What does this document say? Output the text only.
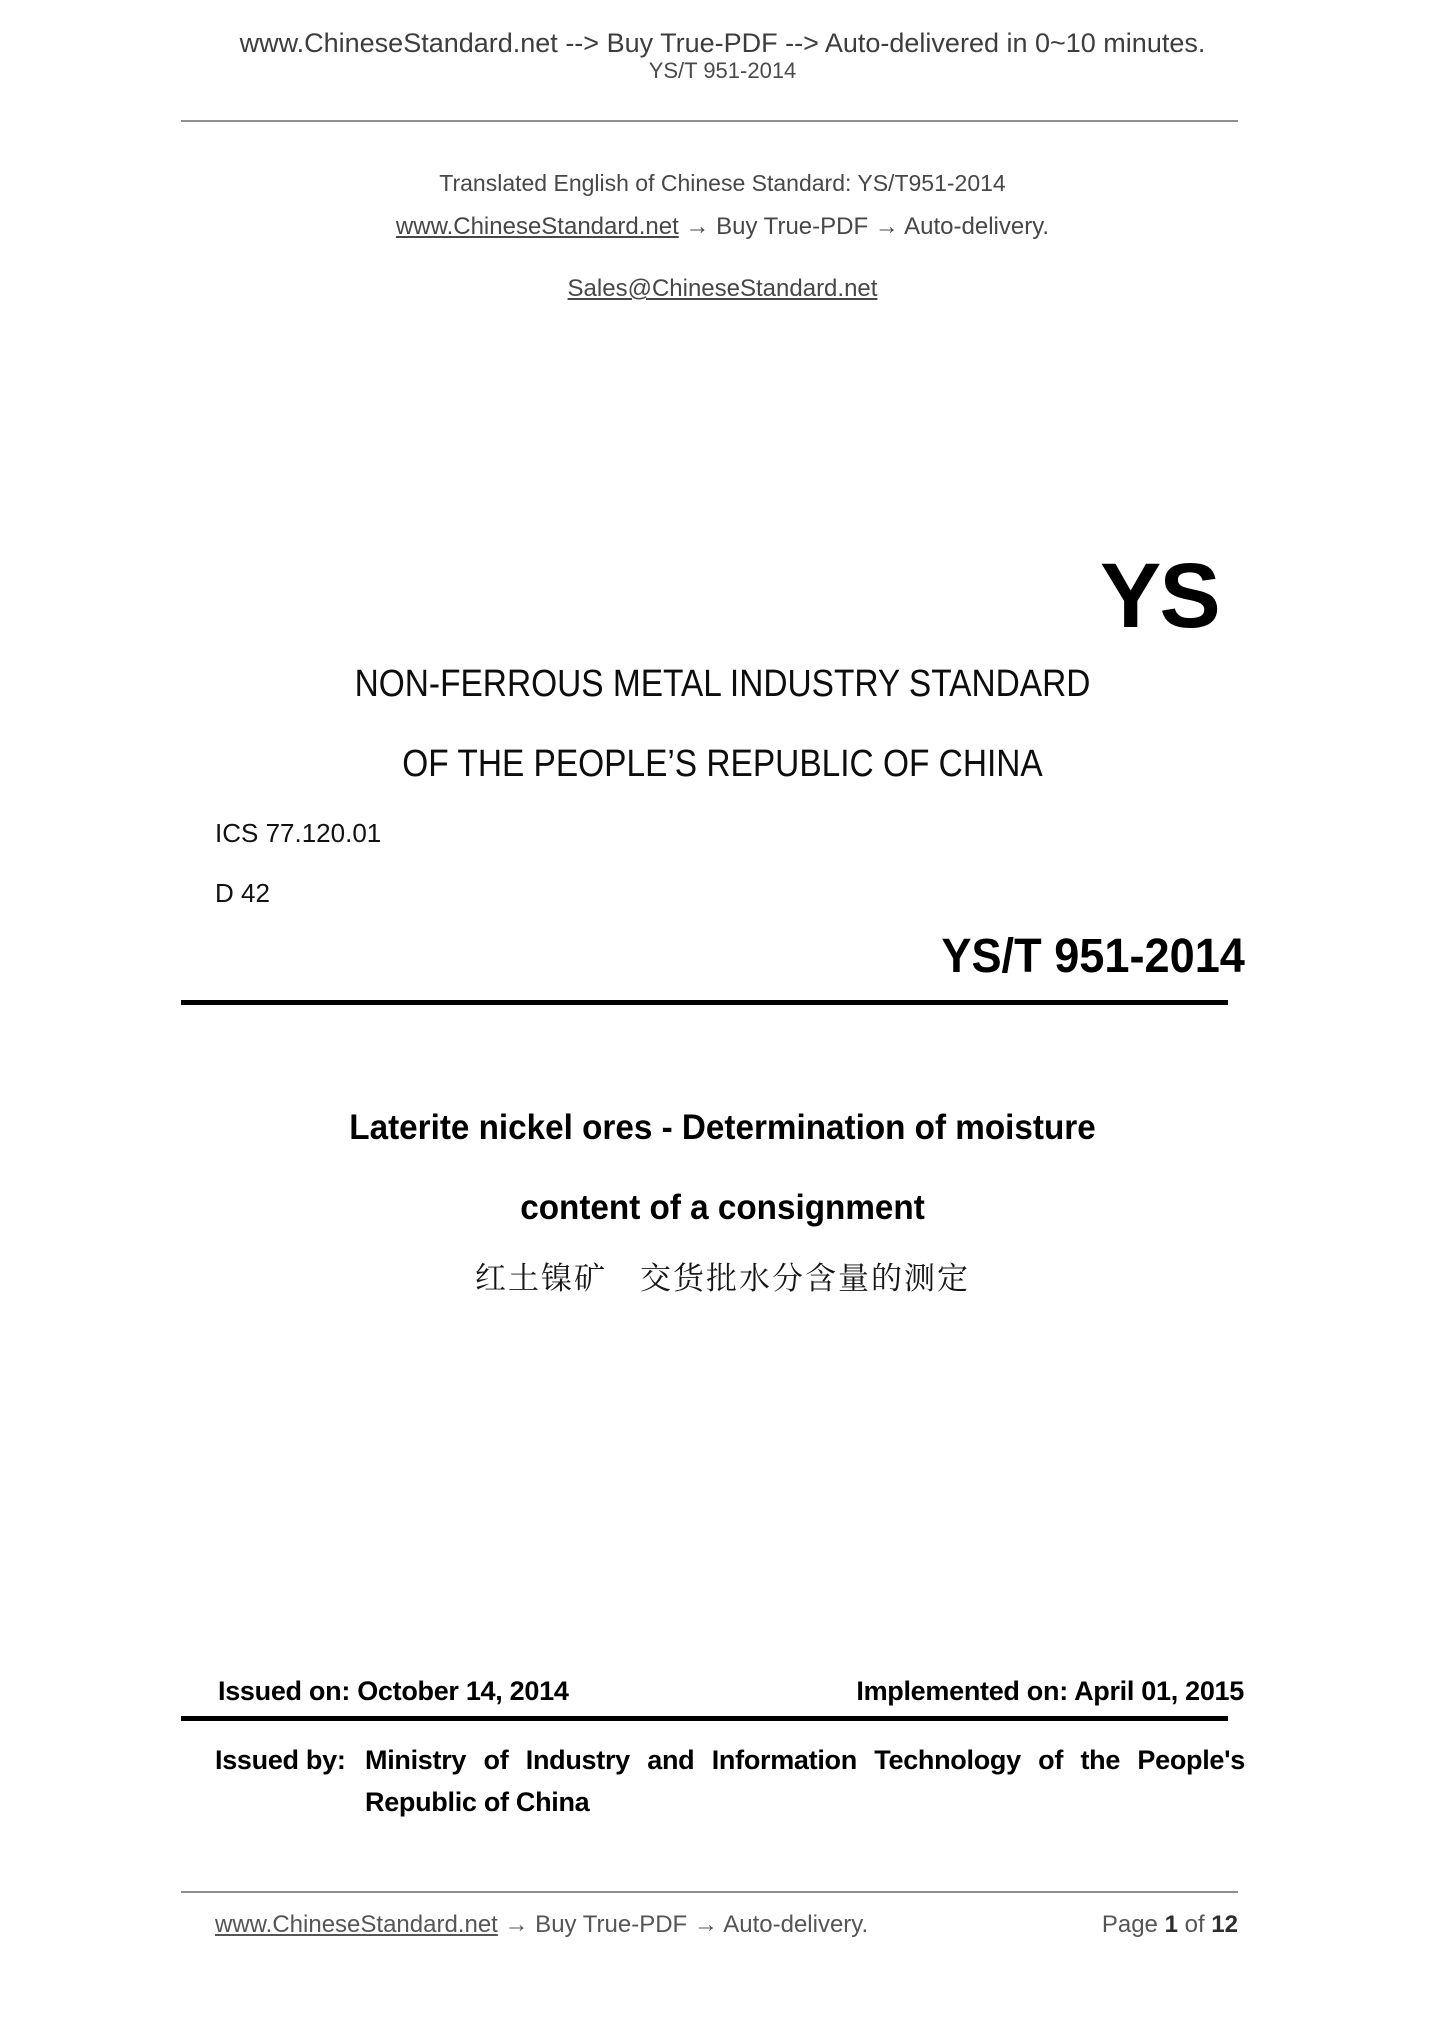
www.ChineseStandard.net --> Buy True-PDF --> Auto-delivered in 0~10 minutes.
YS/T 951-2014
Translated English of Chinese Standard: YS/T951-2014
www.ChineseStandard.net → Buy True-PDF → Auto-delivery.
Sales@ChineseStandard.net
YS
NON-FERROUS METAL INDUSTRY STANDARD
OF THE PEOPLE’S REPUBLIC OF CHINA
ICS 77.120.01
D 42
YS/T 951-2014
Laterite nickel ores - Determination of moisture
content of a consignment
红土镍矿　交货批水分含量的测定
Issued on: October 14, 2014	Implemented on: April 01, 2015
Issued by: Ministry of Industry and Information Technology of the People's Republic of China
www.ChineseStandard.net → Buy True-PDF → Auto-delivery.	Page 1 of 12
